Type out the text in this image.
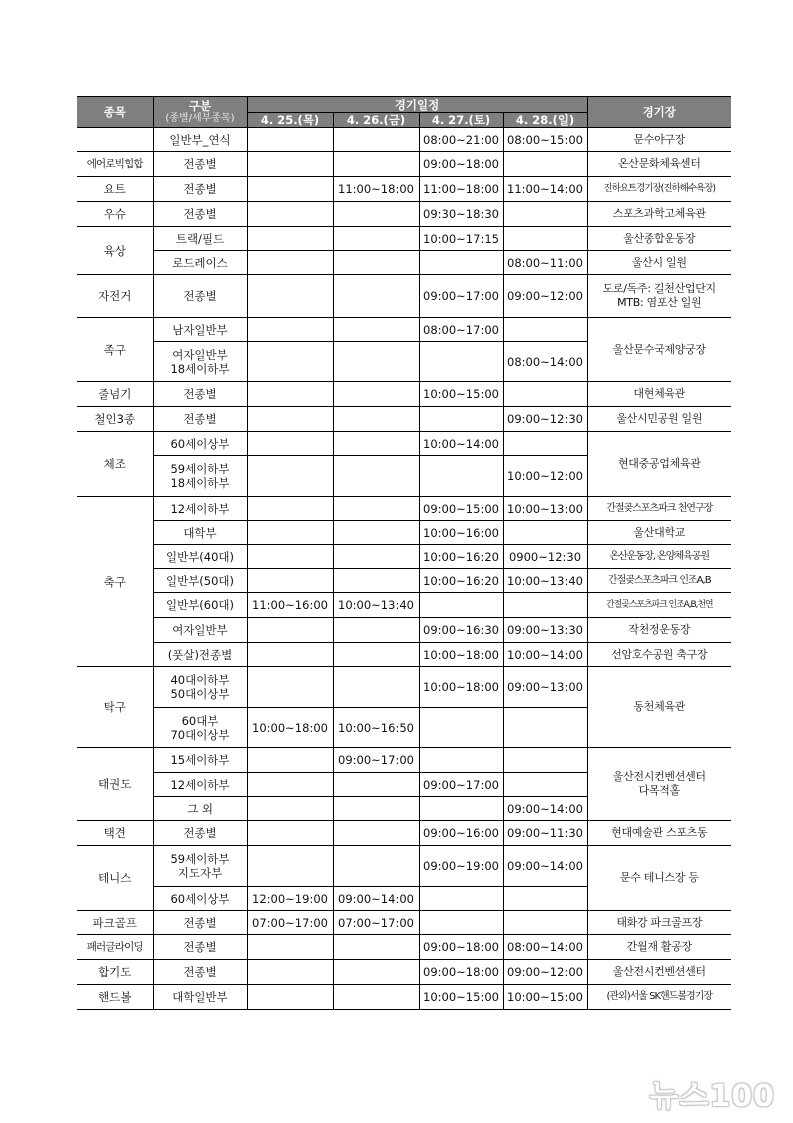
종목	구분
(종별/세부종목)	경기일정				경기장
		4. 25.(목)	4. 26.(금)	4. 27.(토)	4. 28.(일)	
	일반부_연식			08:00~21:00	08:00~15:00	문수야구장
에어로빅힙합	전종별			09:00~18:00		온산문화체육센터
요트	전종별		11:00~18:00	11:00~18:00	11:00~14:00	진하요트경기장(진하해수욕장)
우슈	전종별			09:30~18:30		스포츠과학고체육관
육상	트랙/필드			10:00~17:15		울산종합운동장
	로드레이스				08:00~11:00	울산시 일원
자전거	전종별			09:00~17:00	09:00~12:00	도로/독주: 길천산업단지
MTB: 염포산 일원

족구	남자일반부			08:00~17:00		울산문수국제양궁장

	여자일반부
18세이하부				08:00~14:00	
줄넘기	전종별			10:00~15:00		대현체육관
철인3종	전종별				09:00~12:30	울산시민공원 일원
체조	60세이상부			10:00~14:00		현대중공업체육관

	59세이하부
18세이하부				10:00~12:00	
축구	12세이하부			09:00~15:00	10:00~13:00	간절곶스포츠파크 천연구장
	대학부			10:00~16:00		울산대학교
	일반부(40대)			10:00~16:20	0900~12:30	온산운동장, 온양체육공원
	일반부(50대)			10:00~16:20	10:00~13:40	간절곶스포츠파크 인조A,B
	일반부(60대)	11:00~16:00	10:00~13:40			간절곶스포츠파크 인조A,B,천연
	여자일반부			09:00~16:30	09:00~13:30	작천정운동장
	(풋살)전종별			10:00~18:00	10:00~14:00	선암호수공원 축구장
탁구	40대이하부
50대이상부			10:00~18:00	09:00~13:00	동천체육관

	60대부
70대이상부	10:00~18:00	10:00~16:50			
태권도	15세이하부		09:00~17:00			울산전시컨벤션센터
다목적홀

	12세이하부			09:00~17:00		
	그 외				09:00~14:00	
택견	전종별			09:00~16:00	09:00~11:30	현대예술관 스포츠동
테니스	59세이하부
지도자부			09:00~19:00	09:00~14:00	문수 테니스장 등
	60세이상부	12:00~19:00	09:00~14:00			
파크골프	전종별	07:00~17:00	07:00~17:00			태화강 파크골프장
패러글라이딩	전종별			09:00~18:00	08:00~14:00	간월재 활공장
합기도	전종별			09:00~18:00	09:00~12:00	울산전시컨벤션센터
핸드볼	대학일반부			10:00~15:00	10:00~15:00	(관외)서울 SK핸드볼경기장
뉴스100
